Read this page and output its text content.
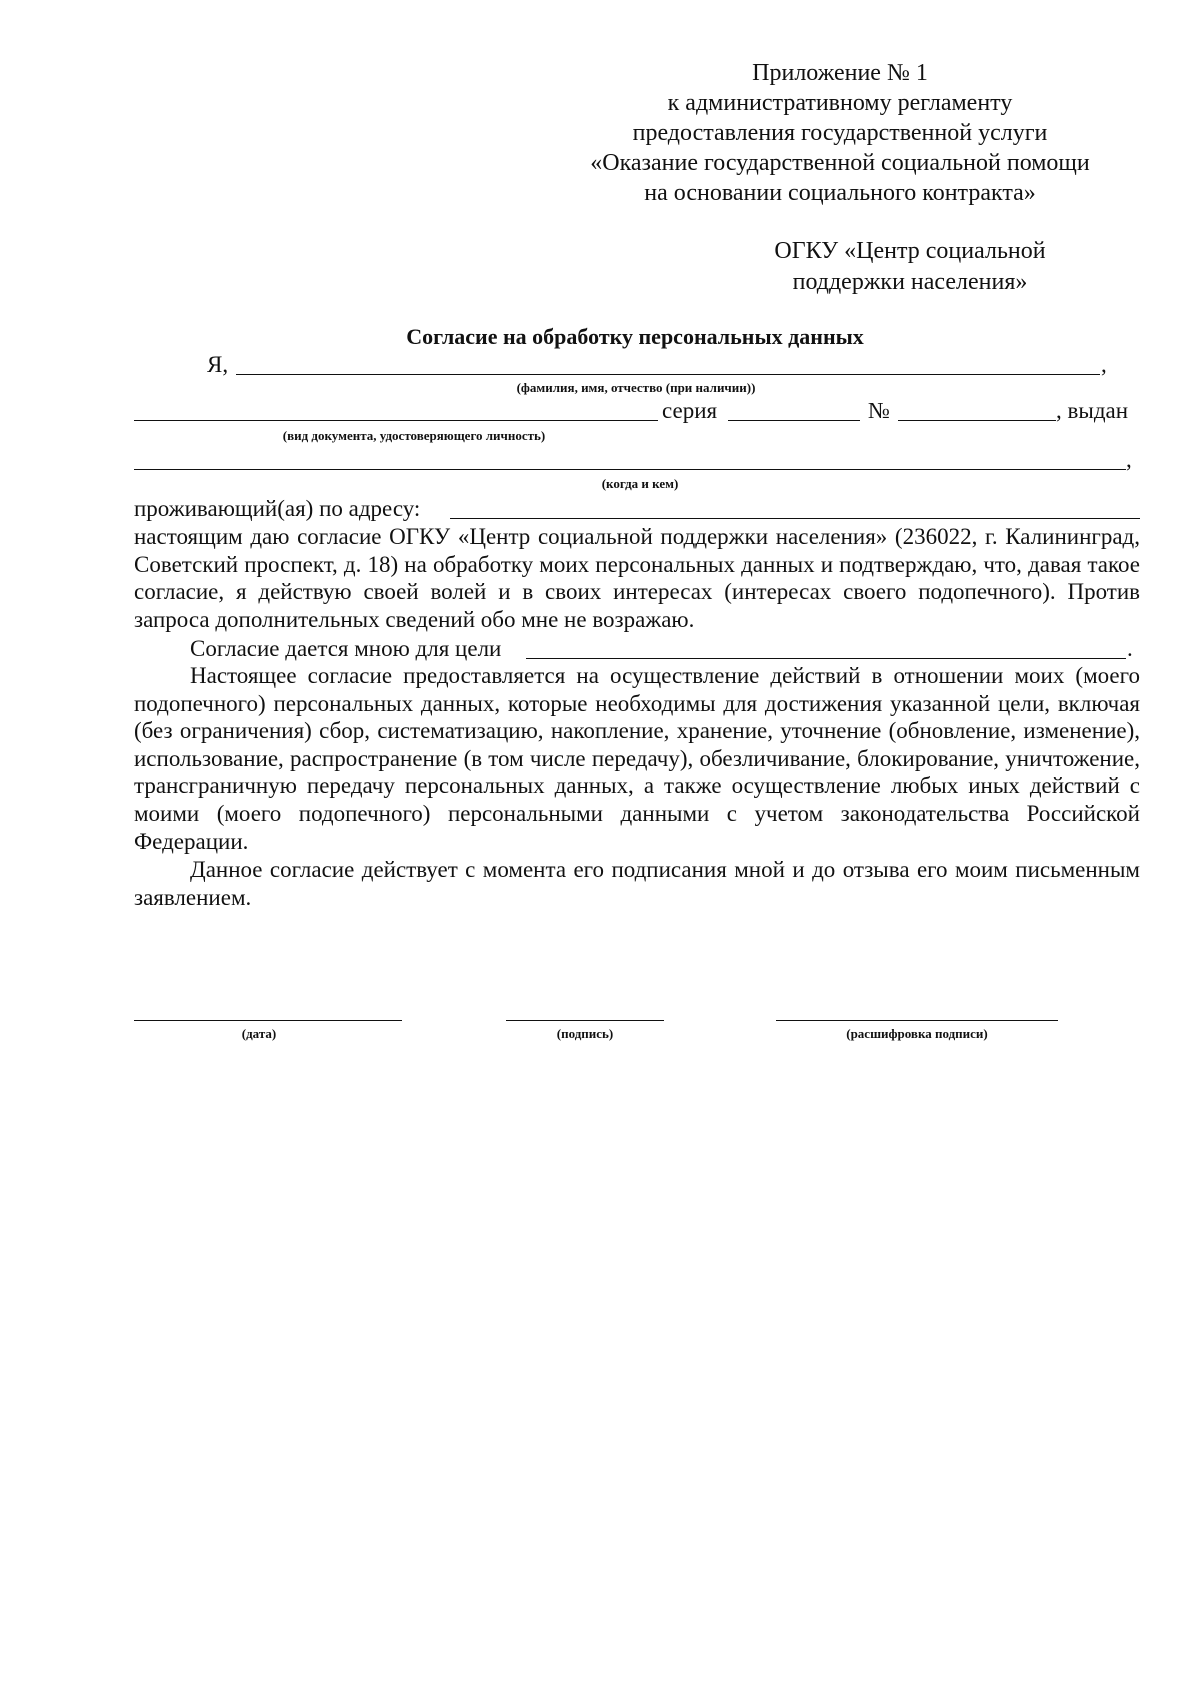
Приложение № 1
к административному регламенту
предоставления государственной услуги
«Оказание государственной социальной помощи
на основании социального контракта»
ОГКУ «Центр социальной
поддержки населения»
Согласие на обработку персональных данных
Я,	,
(фамилия, имя, отчество (при наличии))
серия	№	, выдан
(вид документа, удостоверяющего личность)
,
(когда и кем)
проживающий(ая) по адресу:

настоящим даю согласие ОГКУ «Центр социальной поддержки населения» (236022, г. Калининград, Советский проспект, д. 18) на обработку моих персональных данных и подтверждаю, что, давая такое согласие, я действую своей волей и в своих интересах (интересах своего подопечного). Против запроса дополнительных сведений обо мне не возражаю.

Согласие дается мною для цели	.

Настоящее согласие предоставляется на осуществление действий в отношении моих (моего подопечного) персональных данных, которые необходимы для достижения указанной цели, включая (без ограничения) сбор, систематизацию, накопление, хранение, уточнение (обновление, изменение), использование, распространение (в том числе передачу), обезличивание, блокирование, уничтожение, трансграничную передачу персональных данных, а также осуществление любых иных действий с моими (моего подопечного) персональными данными с учетом законодательства Российской Федерации.

Данное согласие действует с момента его подписания мной и до отзыва его моим письменным заявлением.

(дата)	(подпись)	(расшифровка подписи)
